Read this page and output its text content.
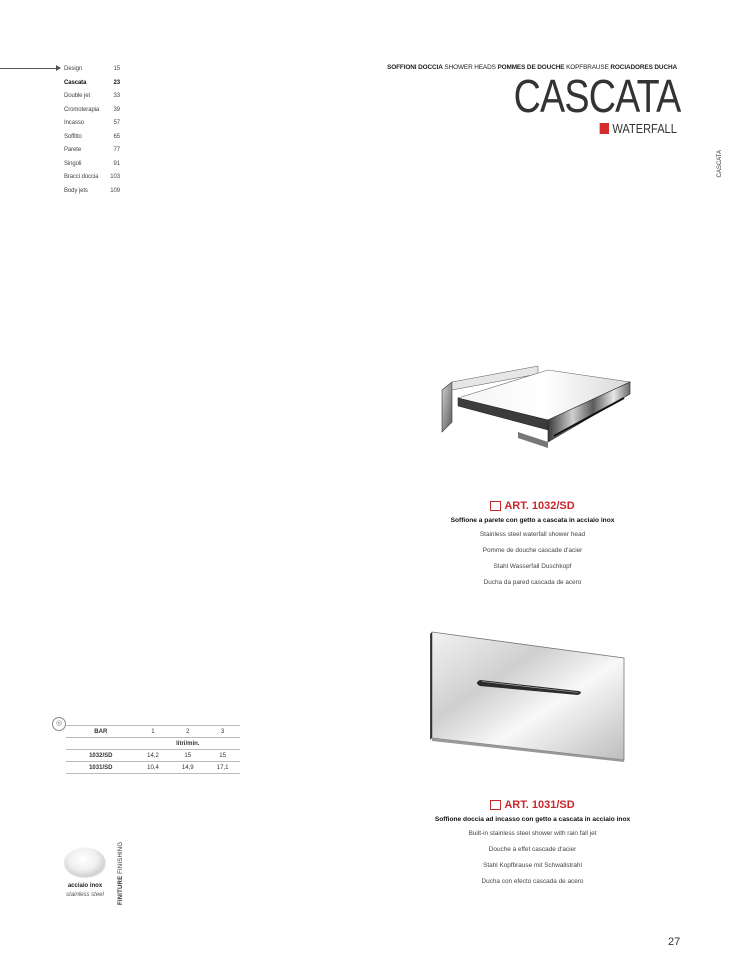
Design	15
Cascata	23
Double jet	33
Cromoterapia 39
Incasso	57
Soffitto	65
Parete	77
Singoli	91
Bracci doccia 103
Body jets	109
SOFFIONI DOCCIA SHOWER HEADS POMMES DE DOUCHE KOPFBRAUSE ROCIADORES DUCHA
CASCATA
WATERFALL
CASCATA
ART. 1032/SD
Soffione a parete con getto a cascata in acciaio inox
Stainless steel waterfall shower head
Pomme de douche cascade d'acier
Stahl Wasserfall Duschkopf
Ducha da pared cascada de acero
ART. 1031/SD
Soffione doccia ad incasso con getto a cascata in acciaio inox
Built-in stainless steel shower with rain fall jet
Douche à effet cascade d'acier
Stahl Kopfbrause mit Schwallstrahl
Ducha con efecto cascada de acero
◎
BAR	1	2	3
	litri/min.		
1032/SD	14,2	15	15
1031/SD	10,4	14,9	17,1
acciaio inox
stainless steel	FINITURE FINISHING
27
